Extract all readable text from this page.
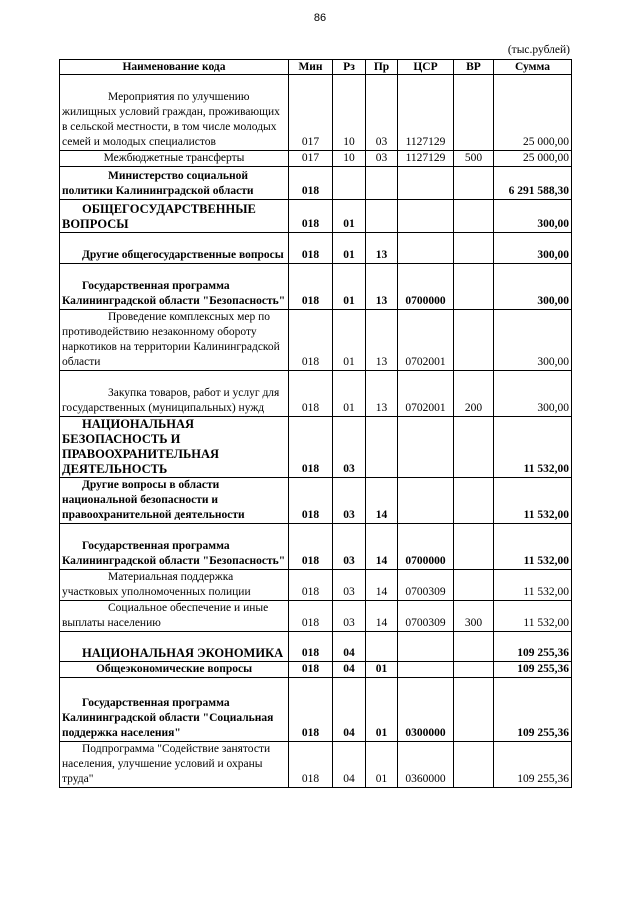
86
(тыс.рублей)
Наименование кода	Мин	Рз	Пр	ЦСР	ВР	Сумма
Мероприятия по улучшению жилищных условий граждан, проживающих в сельской местности, в том числе молодых семей и молодых специалистов	017	10	03	1127129		25 000,00
Межбюджетные трансферты	017	10	03	1127129	500	25 000,00
Министерство социальной политики Калининградской области	018					6 291 588,30
ОБЩЕГОСУДАРСТВЕННЫЕ ВОПРОСЫ	018	01				300,00
Другие общегосударственные вопросы	018	01	13			300,00
Государственная программа Калининградской области "Безопасность"	018	01	13	0700000		300,00
Проведение комплексных мер по противодействию незаконному обороту наркотиков на территории Калининградской области	018	01	13	0702001		300,00
Закупка товаров, работ и услуг для государственных (муниципальных) нужд	018	01	13	0702001	200	300,00
НАЦИОНАЛЬНАЯ БЕЗОПАСНОСТЬ И ПРАВООХРАНИТЕЛЬНАЯ ДЕЯТЕЛЬНОСТЬ	018	03				11 532,00
Другие вопросы в области национальной безопасности и правоохранительной деятельности	018	03	14			11 532,00
Государственная программа Калининградской области "Безопасность"	018	03	14	0700000		11 532,00
Материальная поддержка участковых уполномоченных полиции	018	03	14	0700309		11 532,00
Социальное обеспечение и иные выплаты населению	018	03	14	0700309	300	11 532,00
НАЦИОНАЛЬНАЯ ЭКОНОМИКА	018	04				109 255,36
Общеэкономические вопросы	018	04	01			109 255,36
Государственная программа Калининградской области "Социальная поддержка населения"	018	04	01	0300000		109 255,36
Подпрограмма "Содействие занятости населения, улучшение условий и охраны труда"	018	04	01	0360000		109 255,36
